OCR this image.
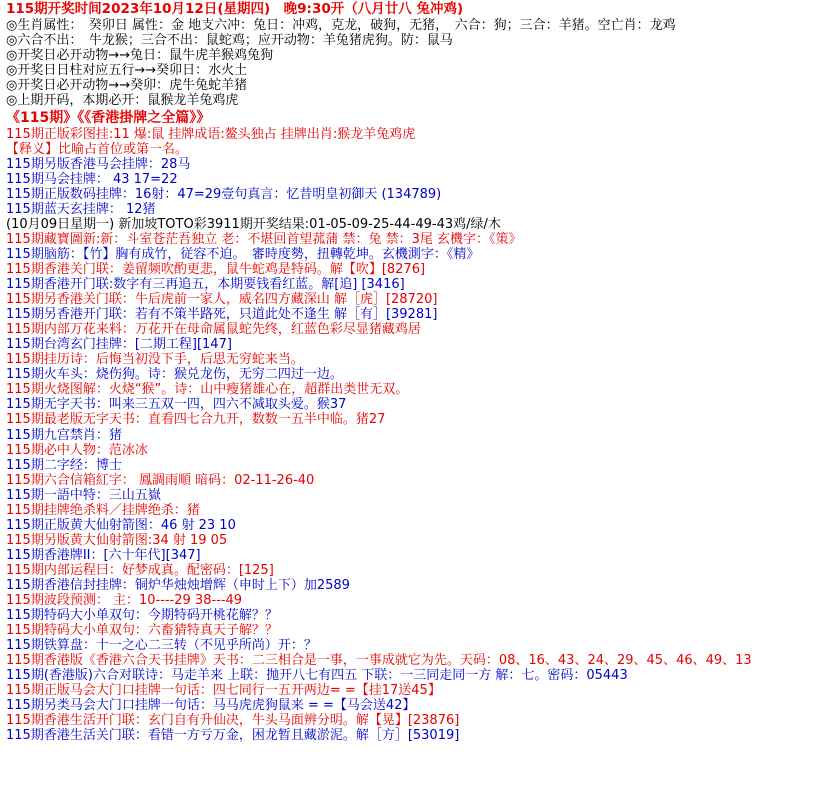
115期开奖时间2023年10月12日(星期四)　晚9:30开（八月廿八 兔冲鸡)
◎生肖属性：　癸卯日 属性：金 地支六冲：兔日：冲鸡，克龙，破狗，无猪，　六合：狗；三合：羊猪。空亡肖：龙鸡
◎六合不出：　牛龙猴；三合不出：鼠蛇鸡；应开动物：羊兔猪虎狗。防：鼠马
◎开奖日必开动物→→兔日：鼠牛虎羊猴鸡兔狗
◎开奖日日柱对应五行→→癸卯日：水火土
◎开奖日必开动物→→癸卯：虎牛兔蛇羊猪
◎上期开码，本期必开：鼠猴龙羊兔鸡虎
《115期》《《香港掛牌之全篇》》
115期正版彩图挂:11 爆:鼠 挂牌成语:鳌头独占 挂牌出肖:猴龙羊兔鸡虎
【释义】比喻占首位或第一名。
115期另版香港马会挂牌：28马
115期马会挂牌： 43 17=22
115期正版数码挂牌：16射：47=29壹句真言：忆昔明皇初御天 (134789)
115期蓝天玄挂牌： 12猪
(10月09日星期一) 新加坡TOTO彩3911期开奖结果:01-05-09-25-44-49-43鸡/绿/木
115期藏寶圖新:新：斗室苍茫吾独立 老：不堪回首望菰蒲 禁：兔 禁：3尾 玄機字：《策》
115期脑筋：【竹】胸有成竹，従容不迫。　審時度勢，扭轉乾坤。玄機測字：《精》
115期香港关门联：姜留频吹酌更悲，鼠牛蛇鸡是特码。解【吹】[8276]
115期香港开门联:数字有三再追五，本期要钱看红蓝。解[追] [3416]
115期另香港关门联：牛后虎前一家人，威名四方藏深山 解［虎］[28720]
115期另香港开门联：若有不策半路死，只道此处不逢生 解［有］[39281]
115期内部万花来料：万花开在母命属鼠蛇先终，红蓝色彩尽显猪藏鸡居
115期台湾玄门挂牌：[二期工程][147]
115期挂历诗：后悔当初没下手，后思无穷蛇来当。
115期火车头：烧伤狗。诗：猴兑龙伤，无穷二四过一边。
115期火烧图解：火烧“猴”。诗：山中瘦猪雄心在，超群出类世无双。
115期无字天书：叫来三五双一四，四六不减取头爱。猴37
115期最老版无字天书：直看四七合九开，数数一五半中临。猪27
115期九宫禁肖：猪
115期必中人物：范冰冰
115期二字经：博士
115期六合信箱紅字： 鳳調雨順 暗码：02-11-26-40
115期一語中特：三山五嶽
115期挂牌绝杀料／挂牌绝杀：猪
115期正版黄大仙射箭图：46 射 23 10
115期另版黄大仙射箭图:34 射 19 05
115期香港牌II：[六十年代][347]
115期内部运程曰：好梦成真。配密码：[125]
115期香港信封挂牌：铜炉华烛烛增辉（申时上下）加2589
115期波段预测： 主：10----29 38---49
115期特码大小单双句：今期特码开桃花解？？
115期特码大小单双句：六畜猜特真天子解？？
115期铁算盘：十一之心二三转（不见乎所尚）开：？
115期香港版《香港六合天书挂牌》天书：二三相合是一事，一事成就它为先。天码：08、16、43、24、29、45、46、49、13
115期(香港版)六合对联诗：马走羊来 上联：抛开八七有四五 下联：一三同走同一方 解：七。密码：05443
115期正版马会大门口挂牌一句话：四七同行一五开两边= =【挂17送45】
115期另类马会大门口挂牌一句话：马马虎虎狗鼠来 = =【马会送42】
115期香港生活开门联：玄门自有升仙决，牛头马面辨分明。解【晃】[23876]
115期香港生活关门联：看错一方亏万金，困龙暂且藏淤泥。解［方］[53019]
